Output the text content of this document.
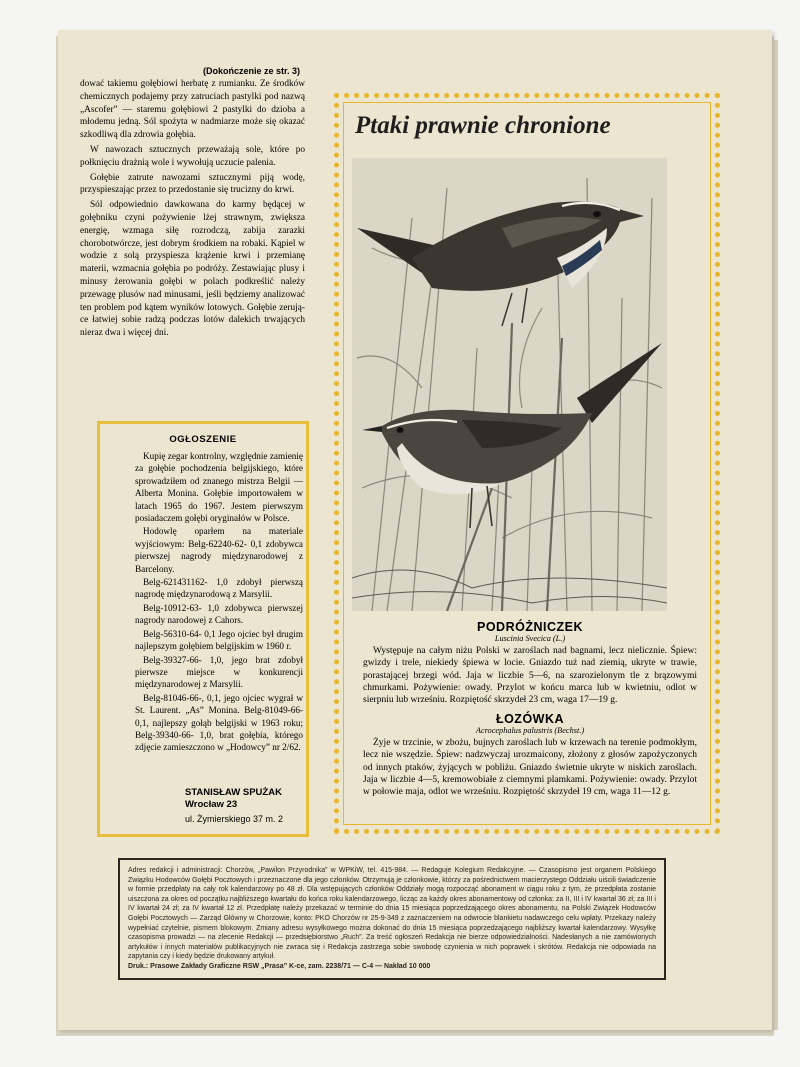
(Dokończenie ze str. 3)

dować takiemu gołębiowi herbatę z rumianku. Ze środków chemicznych podajemy przy zatruciach pastylki pod nazwą „Ascofer” — staremu gołębiowi 2 pastylki do dzioba a młodemu jedną. Sól spożyta w nadmiarze może się okazać szkodliwą dla zdrowia gołębia.

W nawozach sztucznych przeważają sole, które po połknięciu drażnią wole i wywołują uczucie palenia.

Gołębie zatrute nawozami sztucznymi piją wodę, przyspieszając przez to przedostanie się trucizny do krwi.

Sól odpowiednio dawkowana do karmy będącej w gołębniku czyni pożywienie lżej strawnym, zwiększa energię, wzmaga siłę rozrodczą, zabija zarazki chorobotwórcze, jest dobrym środkiem na robaki. Kąpiel w wodzie z solą przyspiesza krążenie krwi i przemianę materii, wzmacnia gołębia po podróży. Zestawiając plusy i minusy żerowania gołębi w polach podkreślić należy przewagę plusów nad minusami, jeśli będziemy analizować ten problem pod kątem wyników lotowych. Gołębie zerują-ce łatwiej sobie radzą podczas lotów dalekich trwających nieraz dwa i więcej dni.

OGŁOSZENIE

Kupię zegar kontrolny, względnie zamienię za gołębie pochodzenia belgijskiego, które sprowadziłem od znanego mistrza Belgii — Alberta Monina. Gołębie importowałem w latach 1965 do 1967. Jestem pierwszym posiadaczem gołębi oryginałów w Polsce.

Hodowlę oparłem na materiale wyjściowym: Belg-62240-62- 0,1 zdobywca pierwszej nagrody międzynarodowej z Barcelony.

Belg-621431162- 1,0 zdobył pierwszą nagrodę międzynarodową z Marsylii.

Belg-10912-63- 1,0 zdobywca pierwszej nagrody narodowej z Cahors.

Belg-56310-64- 0,1 Jego ojciec był drugim najlepszym gołębiem belgijskim w 1960 r.

Belg-39327-66- 1,0, jego brat zdobył pierwsze miejsce w konkurencji międzynarodowej z Marsylii.

Belg-81046-66-, 0,1, jego ojciec wygrał w St. Laurent. „As” Monina. Belg-81049-66- 0,1, najlepszy gołąb belgijski w 1963 roku; Belg-39340-66- 1,0, brat gołębia, którego zdjęcie zamieszczono w „Hodowcy” nr 2/62.

STANISŁAW SPUŻAK
Wrocław 23
ul. Żymierskiego 37 m. 2
Ptaki prawnie chronione
PODRÓŻNICZEK
Luscinia Svecica (L.)
Występuje na całym niżu Polski w zaroślach nad bagnami, lecz nielicznie. Śpiew: gwizdy i trele, niekiedy śpiewa w locie. Gniazdo tuż nad ziemią, ukryte w trawie, porastającej brzegi wód. Jaja w liczbie 5—6, na szarozielonym tle z brązowymi chmurkami. Pożywienie: owady. Przylot w końcu marca lub w kwietniu, odlot w sierpniu lub wrześniu. Rozpiętość skrzydeł 23 cm, waga 17—19 g.
ŁOZÓWKA
Acrocephalus palustris (Bechst.)
Żyje w trzcinie, w zbożu, bujnych zaroślach lub w krzewach na terenie podmokłym, lecz nie wszędzie. Śpiew: nadzwyczaj urozmaicony, złożony z głosów zapożyczonych od innych ptaków, żyjących w pobliżu. Gniazdo świetnie ukryte w niskich zaroślach. Jaja w liczbie 4—5, kremowobiałe z ciemnymi plamkami. Pożywienie: owady. Przylot w połowie maja, odlot we wrześniu. Rozpiętość skrzydeł 19 cm, waga 11—12 g.
Adres redakcji i administracji: Chorzów, „Pawilon Przyrodnika” w WPKiW, tel. 415-984. — Redaguje Kolegium Redakcyjne. — Czasopismo jest organem Polskiego Związku Hodowców Gołębi Pocztowych i przeznaczone dla jego członków. Otrzymują je członkowie, którzy za pośrednictwem macierzystego Oddziału uiścili świadczenie w formie przedpłaty na cały rok kalendarzowy po 48 zł. Dla wstępujących członków Oddziały mogą rozpocząć abonament w ciągu roku z tym, że przedpłata zostanie uiszczona za okres od początku najbliższego kwartału do końca roku kalendarzowego, licząc za każdy okres abonamentowy od członka: za II, III i IV kwartał 36 zł; za III i IV kwartał 24 zł; za IV kwartał 12 zł. Przedpłatę należy przekazać w terminie do dnia 15 miesiąca poprzedzającego okres abonamentu, na Polski Związek Hodowców Gołębi Pocztowych — Zarząd Główny w Chorzowie, konto: PKO Chorzów nr 25-9-349 z zaznaczeniem na odwrocie blankietu nadawczego celu wpłaty. Przekazy należy wypełniać czytelnie, pismem blokowym. Zmiany adresu wysyłkowego można dokonać do dnia 15 miesiąca poprzedzającego najbliższy kwartał kalendarzowy. Wysyłkę czasopisma prowadzi — na zlecenie Redakcji — przedsiębiorstwo „Ruch”. Za treść ogłoszeń Redakcja nie bierze odpowiedzialności. Nadesłanych a nie zamówionych artykułów i innych materiałów publikacyjnych nie zwraca się i Redakcja zastrzega sobie swobodę czynienia w nich poprawek i skrótów. Redakcja nie odpowiada na zapytania czy i kiedy będzie drukowany artykuł.
Druk.: Prasowe Zakłady Graficzne RSW „Prasa” K-ce, zam. 2238/71 — C-4 — Nakład 10 000
